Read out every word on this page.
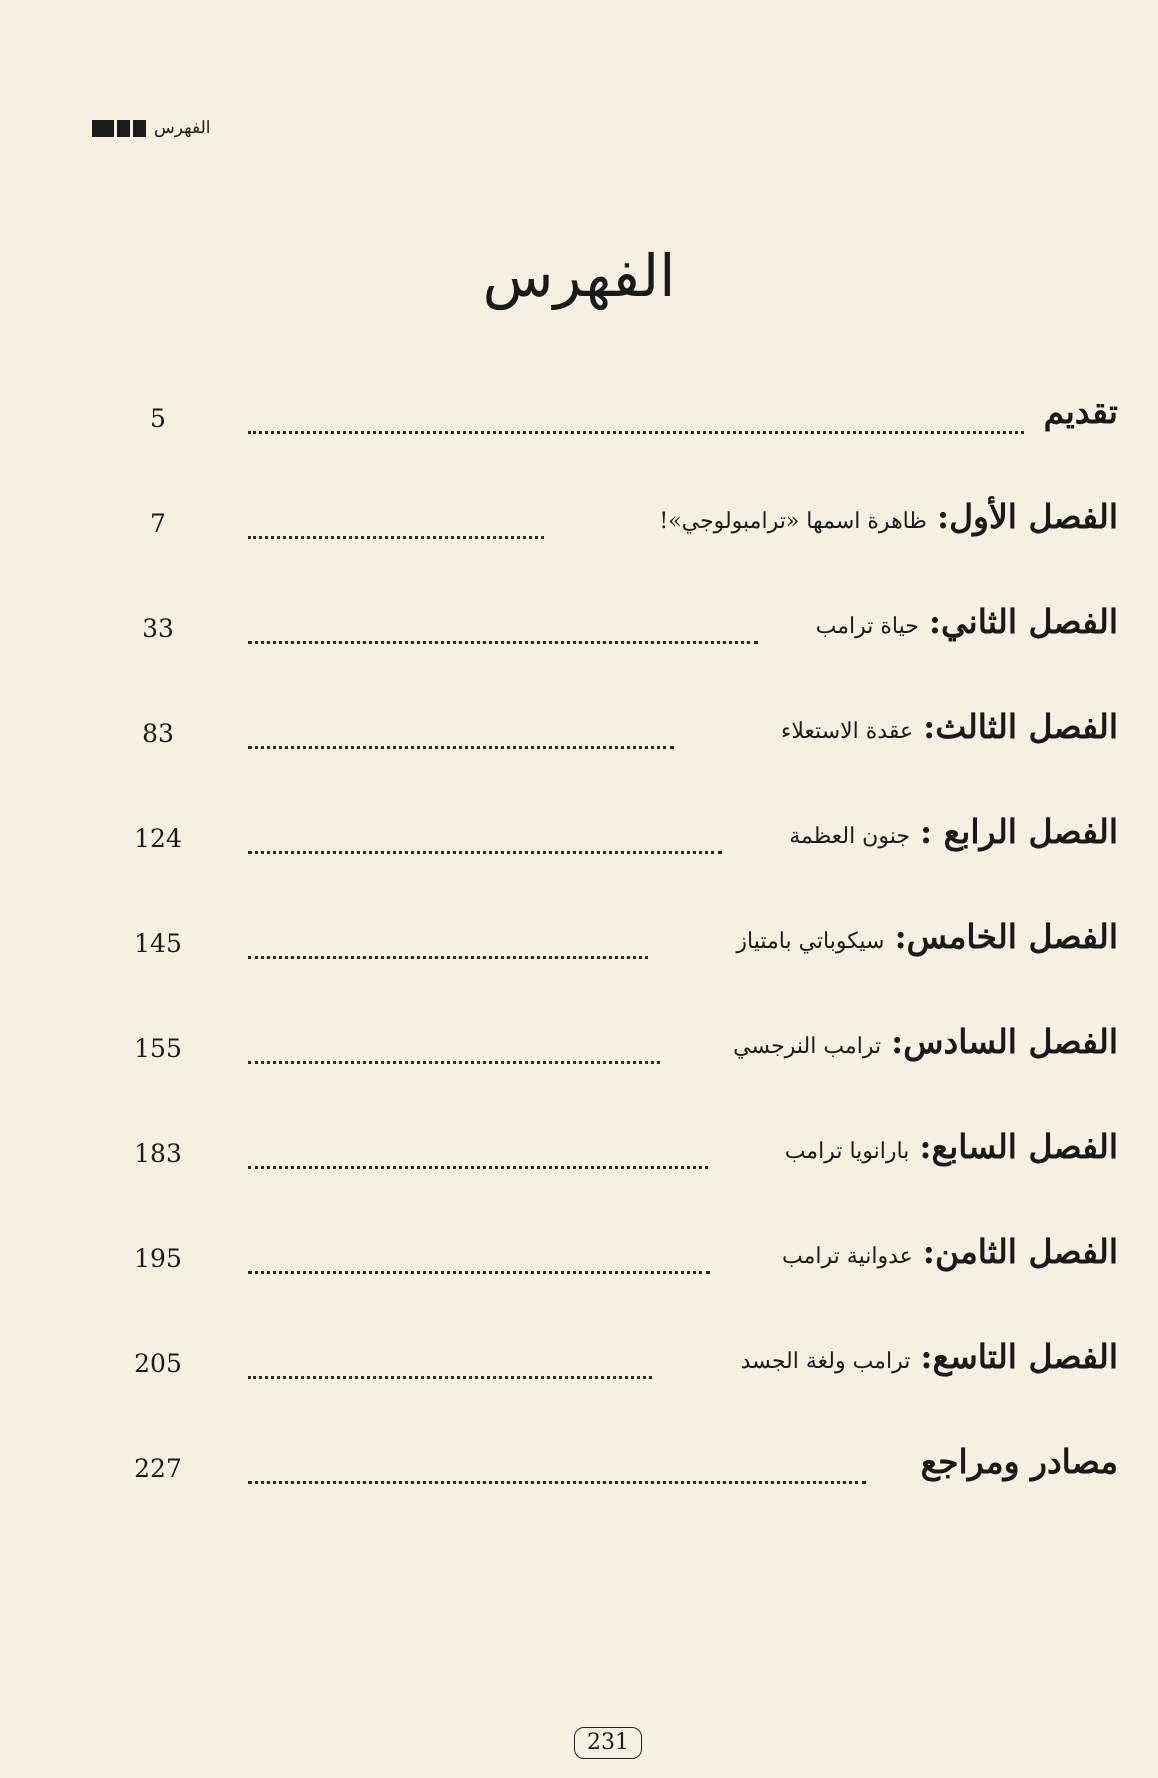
الفهرس
الفهرس
تقديم
5
الفصل الأول:
ظاهرة اسمها «ترامبولوجي»!
7
الفصل الثاني:
حياة ترامب
33
الفصل الثالث:
عقدة الاستعلاء
83
الفصل الرابع :
جنون العظمة
124
الفصل الخامس:
سيكوباتي بامتياز
145
الفصل السادس:
ترامب النرجسي
155
الفصل السابع:
بارانويا ترامب
183
الفصل الثامن:
عدوانية ترامب
195
الفصل التاسع:
ترامب ولغة الجسد
205
مصادر ومراجع
227
231
